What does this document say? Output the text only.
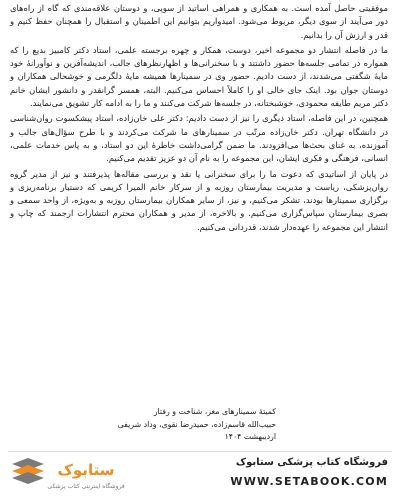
موفقیتی حاصل آمده است. به همکاری و همراهی اساتید از سویی، و دوستان علاقه‌مندی که گاه از راه‌های دور می‌آیند از سوی دیگر، مربوط می‌شود. امیدواریم بتوانیم این اطمینان و استقبال را همچنان حفظ کنیم و قدر و ارزش آن را بدانیم.

ما در فاصله انتشار دو مجموعه اخیر، دوست، همکار و چهره برجسته علمی، استاد دکتر کامبیز بدیع را که همواره در تمامی جلسه‌ها حضور داشتند و با سخنرانی‌ها و اظهارنظرهای جالب، اندیشه‌آفرین و نوآورانهٔ خود مایهٔ شگفتی می‌شدند، از دست دادیم. حضور وی در سمینارها همیشه مایهٔ دلگرمی و خوشحالی همکاران و دوستان جوان بود. اینک جای خالی او را کاملاً احساس می‌کنیم. البته، همسر گرانقدر و دانشور ایشان خانم دکتر مریم طایفه محمودی، خوشبختانه، در جلسه‌ها شرکت می‌کنند و ما را به ادامه کار تشویق می‌نمایند.

همچنین، در این فاصله، استاد دیگری را نیز از دست دادیم: دکتر علی خان‌زاده، استاد پیشکسوت روان‌شناسی در دانشگاه تهران. دکتر خان‌زاده مرتّب در سمینارهای ما شرکت می‌کردند و با طرح سؤال‌های جالب و آموزنده، به غنای بحث‌ها می‌افزودند. ما ضمن گرامی‌داشت خاطرهٔ این دو استاد، و به پاس خدمات علمی، انسانی، فرهنگی و فکری ایشان، این مجموعه را به نام آن دو عزیز تقدیم می‌کنیم.

در پایان از اساتیدی که دعوت ما را برای سخنرانی یا نقد و بررسی مقاله‌ها پذیرفتند و نیز از مدیر گروه روان‌پزشکی، ریاست و مدیریت بیمارستان روزبه و از سرکار خانم المیرا کریمی که دستیار برنامه‌ریزی و برگزاری سمینارها بودند، تشکر می‌کنیم، و نیز، از سایر همکاران بیمارستان روزبه و به‌ویژه، از واحد سمعی و بصری بیمارستان سپاس‌گزاری می‌کنیم. و بالاخره، از مدیر و همکاران محترم انتشارات ارجمند که چاپ و انتشار این مجموعه را عهده‌دار شدند، قدردانی می‌کنیم.

کمیتهٔ سمینارهای مغز، شناخت و رفتار
حبیب‌الله قاسم‌زاده، حمیدرضا نقوی، وداد شریفی
اردیبهشت ۱۴۰۴
ستابوک
فروشگاه اینترنتی کتاب پزشکی
فروشگاه کتاب پزشکی ستابوک
WWW.SETABOOK.COM
